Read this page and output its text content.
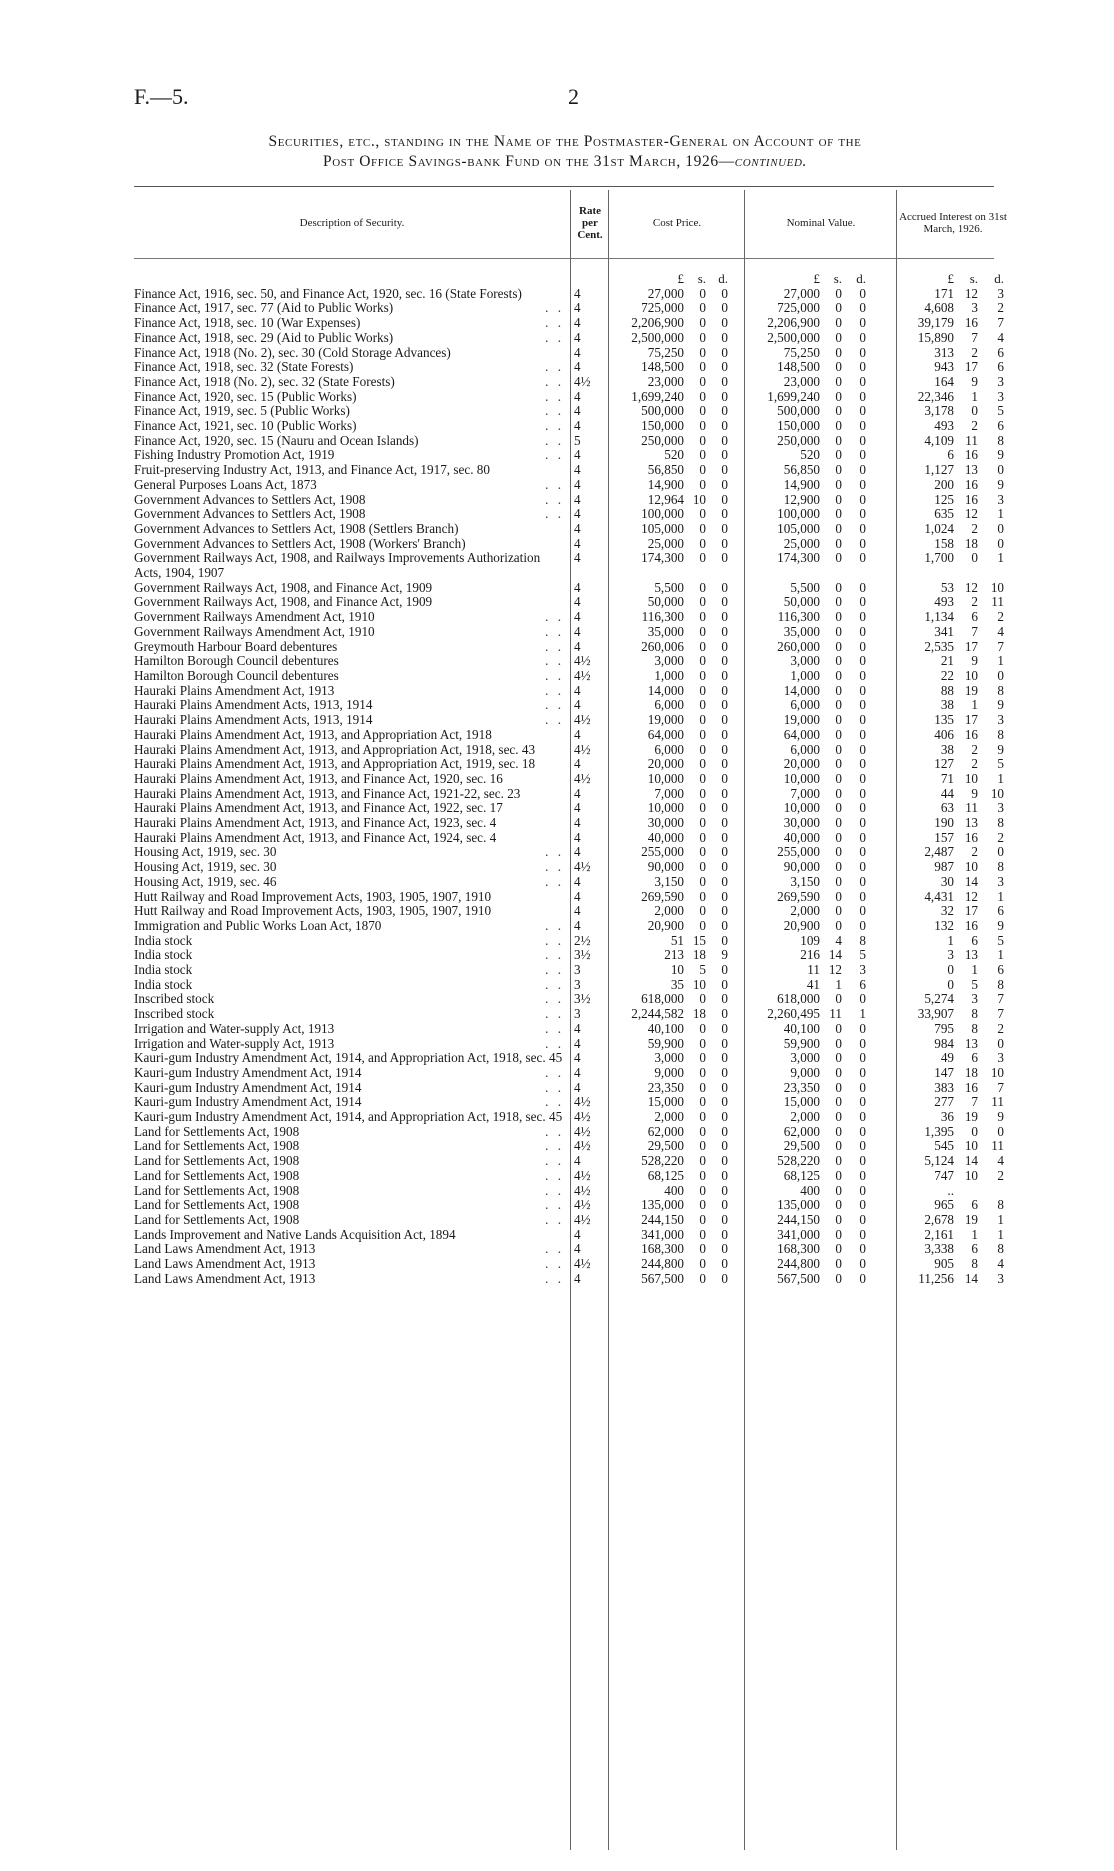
F.—5.	2
Securities, etc., standing in the Name of the Postmaster-General on Account of the
Post Office Savings-bank Fund on the 31st March, 1926—continued.
Description of Security.
Rate per Cent.
Cost Price.	Nominal Value.	Accrued Interest on 31st March, 1926.
		£	s.	d.	£	s.	d.	£	s.	d.
Finance Act, 1916, sec. 50, and Finance Act, 1920, sec. 16 (State Forests)	4	27,000	0	0	27,000	0	0	171	12	3

. .
Finance Act, 1917, sec. 77 (Aid to Public Works)	4	725,000	0	0	725,000	0	0	4,608	3	2

. .
Finance Act, 1918, sec. 10 (War Expenses)	4	2,206,900	0	0	2,206,900	0	0	39,179	16	7

. .
Finance Act, 1918, sec. 29 (Aid to Public Works)	4	2,500,000	0	0	2,500,000	0	0	15,890	7	4
Finance Act, 1918 (No. 2), sec. 30 (Cold Storage Advances)	4	75,250	0	0	75,250	0	0	313	2	6

. .
Finance Act, 1918, sec. 32 (State Forests)	4	148,500	0	0	148,500	0	0	943	17	6

. .
Finance Act, 1918 (No. 2), sec. 32 (State Forests)	4½	23,000	0	0	23,000	0	0	164	9	3

. .
Finance Act, 1920, sec. 15 (Public Works)	4	1,699,240	0	0	1,699,240	0	0	22,346	1	3

. .
Finance Act, 1919, sec. 5 (Public Works)	4	500,000	0	0	500,000	0	0	3,178	0	5

. .
Finance Act, 1921, sec. 10 (Public Works)	4	150,000	0	0	150,000	0	0	493	2	6

. .
Finance Act, 1920, sec. 15 (Nauru and Ocean Islands)	5	250,000	0	0	250,000	0	0	4,109	11	8

. .
Fishing Industry Promotion Act, 1919	4	520	0	0	520	0	0	6	16	9
Fruit-preserving Industry Act, 1913, and Finance Act, 1917, sec. 80	4	56,850	0	0	56,850	0	0	1,127	13	0

. .
General Purposes Loans Act, 1873	4	14,900	0	0	14,900	0	0	200	16	9

. .
Government Advances to Settlers Act, 1908	4	12,964	10	0	12,900	0	0	125	16	3

. .
Government Advances to Settlers Act, 1908	4	100,000	0	0	100,000	0	0	635	12	1
Government Advances to Settlers Act, 1908 (Settlers Branch)	4	105,000	0	0	105,000	0	0	1,024	2	0
Government Advances to Settlers Act, 1908 (Workers' Branch)	4	25,000	0	0	25,000	0	0	158	18	0
Government Railways Act, 1908, and Railways Improvements Authorization Acts, 1904, 1907	4	174,300	0	0	174,300	0	0	1,700	0	1
Government Railways Act, 1908, and Finance Act, 1909	4	5,500	0	0	5,500	0	0	53	12	10
Government Railways Act, 1908, and Finance Act, 1909	4	50,000	0	0	50,000	0	0	493	2	11

. .
Government Railways Amendment Act, 1910	4	116,300	0	0	116,300	0	0	1,134	6	2

. .
Government Railways Amendment Act, 1910	4	35,000	0	0	35,000	0	0	341	7	4

. .
Greymouth Harbour Board debentures	4	260,006	0	0	260,000	0	0	2,535	17	7

. .
Hamilton Borough Council debentures	4½	3,000	0	0	3,000	0	0	21	9	1

. .
Hamilton Borough Council debentures	4½	1,000	0	0	1,000	0	0	22	10	0

. .
Hauraki Plains Amendment Act, 1913	4	14,000	0	0	14,000	0	0	88	19	8

. .
Hauraki Plains Amendment Acts, 1913, 1914	4	6,000	0	0	6,000	0	0	38	1	9

. .
Hauraki Plains Amendment Acts, 1913, 1914	4½	19,000	0	0	19,000	0	0	135	17	3
Hauraki Plains Amendment Act, 1913, and Appropriation Act, 1918	4	64,000	0	0	64,000	0	0	406	16	8
Hauraki Plains Amendment Act, 1913, and Appropriation Act, 1918, sec. 43	4½	6,000	0	0	6,000	0	0	38	2	9
Hauraki Plains Amendment Act, 1913, and Appropriation Act, 1919, sec. 18	4	20,000	0	0	20,000	0	0	127	2	5
Hauraki Plains Amendment Act, 1913, and Finance Act, 1920, sec. 16	4½	10,000	0	0	10,000	0	0	71	10	1
Hauraki Plains Amendment Act, 1913, and Finance Act, 1921-22, sec. 23	4	7,000	0	0	7,000	0	0	44	9	10
Hauraki Plains Amendment Act, 1913, and Finance Act, 1922, sec. 17	4	10,000	0	0	10,000	0	0	63	11	3
Hauraki Plains Amendment Act, 1913, and Finance Act, 1923, sec. 4	4	30,000	0	0	30,000	0	0	190	13	8
Hauraki Plains Amendment Act, 1913, and Finance Act, 1924, sec. 4	4	40,000	0	0	40,000	0	0	157	16	2

. .
Housing Act, 1919, sec. 30	4	255,000	0	0	255,000	0	0	2,487	2	0

. .
Housing Act, 1919, sec. 30	4½	90,000	0	0	90,000	0	0	987	10	8

. .
Housing Act, 1919, sec. 46	4	3,150	0	0	3,150	0	0	30	14	3
Hutt Railway and Road Improvement Acts, 1903, 1905, 1907, 1910	4	269,590	0	0	269,590	0	0	4,431	12	1
Hutt Railway and Road Improvement Acts, 1903, 1905, 1907, 1910	4	2,000	0	0	2,000	0	0	32	17	6

. .
Immigration and Public Works Loan Act, 1870	4	20,900	0	0	20,900	0	0	132	16	9

. .
India stock	2½	51	15	0	109	4	8	1	6	5

. .
India stock	3½	213	18	9	216	14	5	3	13	1

. .
India stock	3	10	5	0	11	12	3	0	1	6

. .
India stock	3	35	10	0	41	1	6	0	5	8

. .
Inscribed stock	3½	618,000	0	0	618,000	0	0	5,274	3	7

. .
Inscribed stock	3	2,244,582	18	0	2,260,495	11	1	33,907	8	7

. .
Irrigation and Water-supply Act, 1913	4	40,100	0	0	40,100	0	0	795	8	2

. .
Irrigation and Water-supply Act, 1913	4	59,900	0	0	59,900	0	0	984	13	0
Kauri-gum Industry Amendment Act, 1914, and Appropriation Act, 1918, sec. 45	4	3,000	0	0	3,000	0	0	49	6	3

. .
Kauri-gum Industry Amendment Act, 1914	4	9,000	0	0	9,000	0	0	147	18	10

. .
Kauri-gum Industry Amendment Act, 1914	4	23,350	0	0	23,350	0	0	383	16	7

. .
Kauri-gum Industry Amendment Act, 1914	4½	15,000	0	0	15,000	0	0	277	7	11
Kauri-gum Industry Amendment Act, 1914, and Appropriation Act, 1918, sec. 45	4½	2,000	0	0	2,000	0	0	36	19	9

. .
Land for Settlements Act, 1908	4½	62,000	0	0	62,000	0	0	1,395	0	0

. .
Land for Settlements Act, 1908	4½	29,500	0	0	29,500	0	0	545	10	11

. .
Land for Settlements Act, 1908	4	528,220	0	0	528,220	0	0	5,124	14	4

. .
Land for Settlements Act, 1908	4½	68,125	0	0	68,125	0	0	747	10	2

. .
Land for Settlements Act, 1908	4½	400	0	0	400	0	0	..		

. .
Land for Settlements Act, 1908	4½	135,000	0	0	135,000	0	0	965	6	8

. .
Land for Settlements Act, 1908	4½	244,150	0	0	244,150	0	0	2,678	19	1
Lands Improvement and Native Lands Acquisition Act, 1894	4	341,000	0	0	341,000	0	0	2,161	1	1

. .
Land Laws Amendment Act, 1913	4	168,300	0	0	168,300	0	0	3,338	6	8

. .
Land Laws Amendment Act, 1913	4½	244,800	0	0	244,800	0	0	905	8	4

. .
Land Laws Amendment Act, 1913	4	567,500	0	0	567,500	0	0	11,256	14	3
